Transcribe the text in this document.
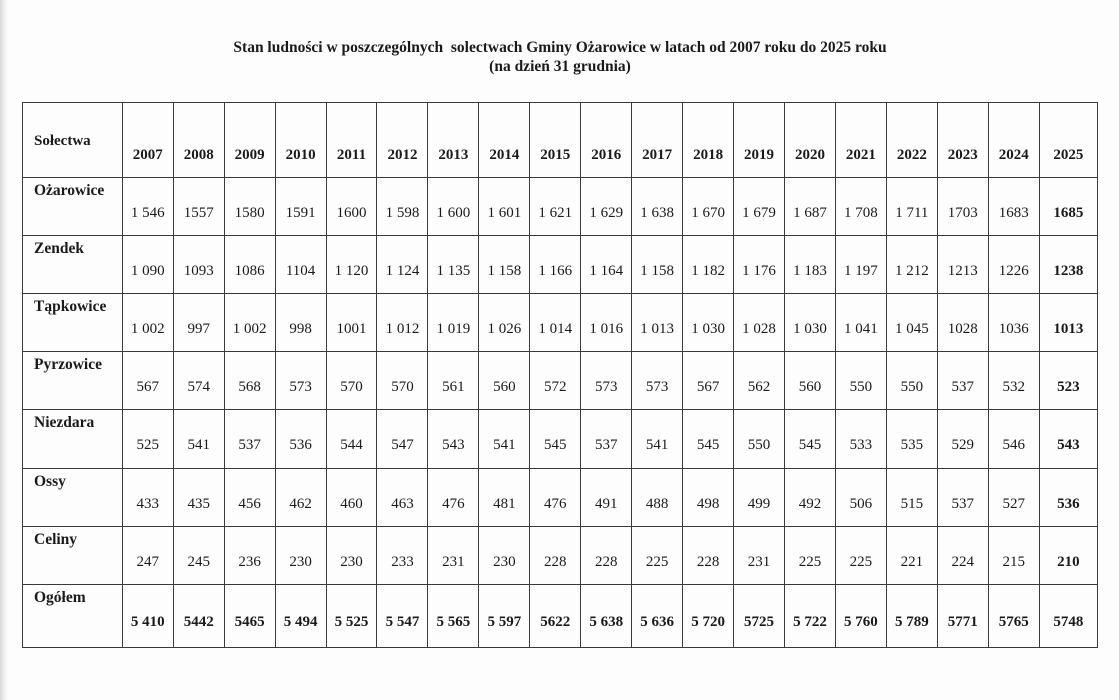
Stan ludności w poszczególnych  solectwach Gminy Ożarowice w latach od 2007 roku do 2025 roku
(na dzień 31 grudnia)
Sołectwa	2007	2008	2009	2010	2011	2012	2013	2014	2015	2016	2017	2018	2019	2020	2021	2022	2023	2024	2025
Ożarowice	1 546	1557	1580	1591	1600	1 598	1 600	1 601	1 621	1 629	1 638	1 670	1 679	1 687	1 708	1 711	1703	1683	1685
Zendek	1 090	1093	1086	1104	1 120	1 124	1 135	1 158	1 166	1 164	1 158	1 182	1 176	1 183	1 197	1 212	1213	1226	1238
Tąpkowice	1 002	997	1 002	998	1001	1 012	1 019	1 026	1 014	1 016	1 013	1 030	1 028	1 030	1 041	1 045	1028	1036	1013
Pyrzowice	567	574	568	573	570	570	561	560	572	573	573	567	562	560	550	550	537	532	523
Niezdara	525	541	537	536	544	547	543	541	545	537	541	545	550	545	533	535	529	546	543
Ossy	433	435	456	462	460	463	476	481	476	491	488	498	499	492	506	515	537	527	536
Celiny	247	245	236	230	230	233	231	230	228	228	225	228	231	225	225	221	224	215	210
Ogółem	5 410	5442	5465	5 494	5 525	5 547	5 565	5 597	5622	5 638	5 636	5 720	5725	5 722	5 760	5 789	5771	5765	5748
